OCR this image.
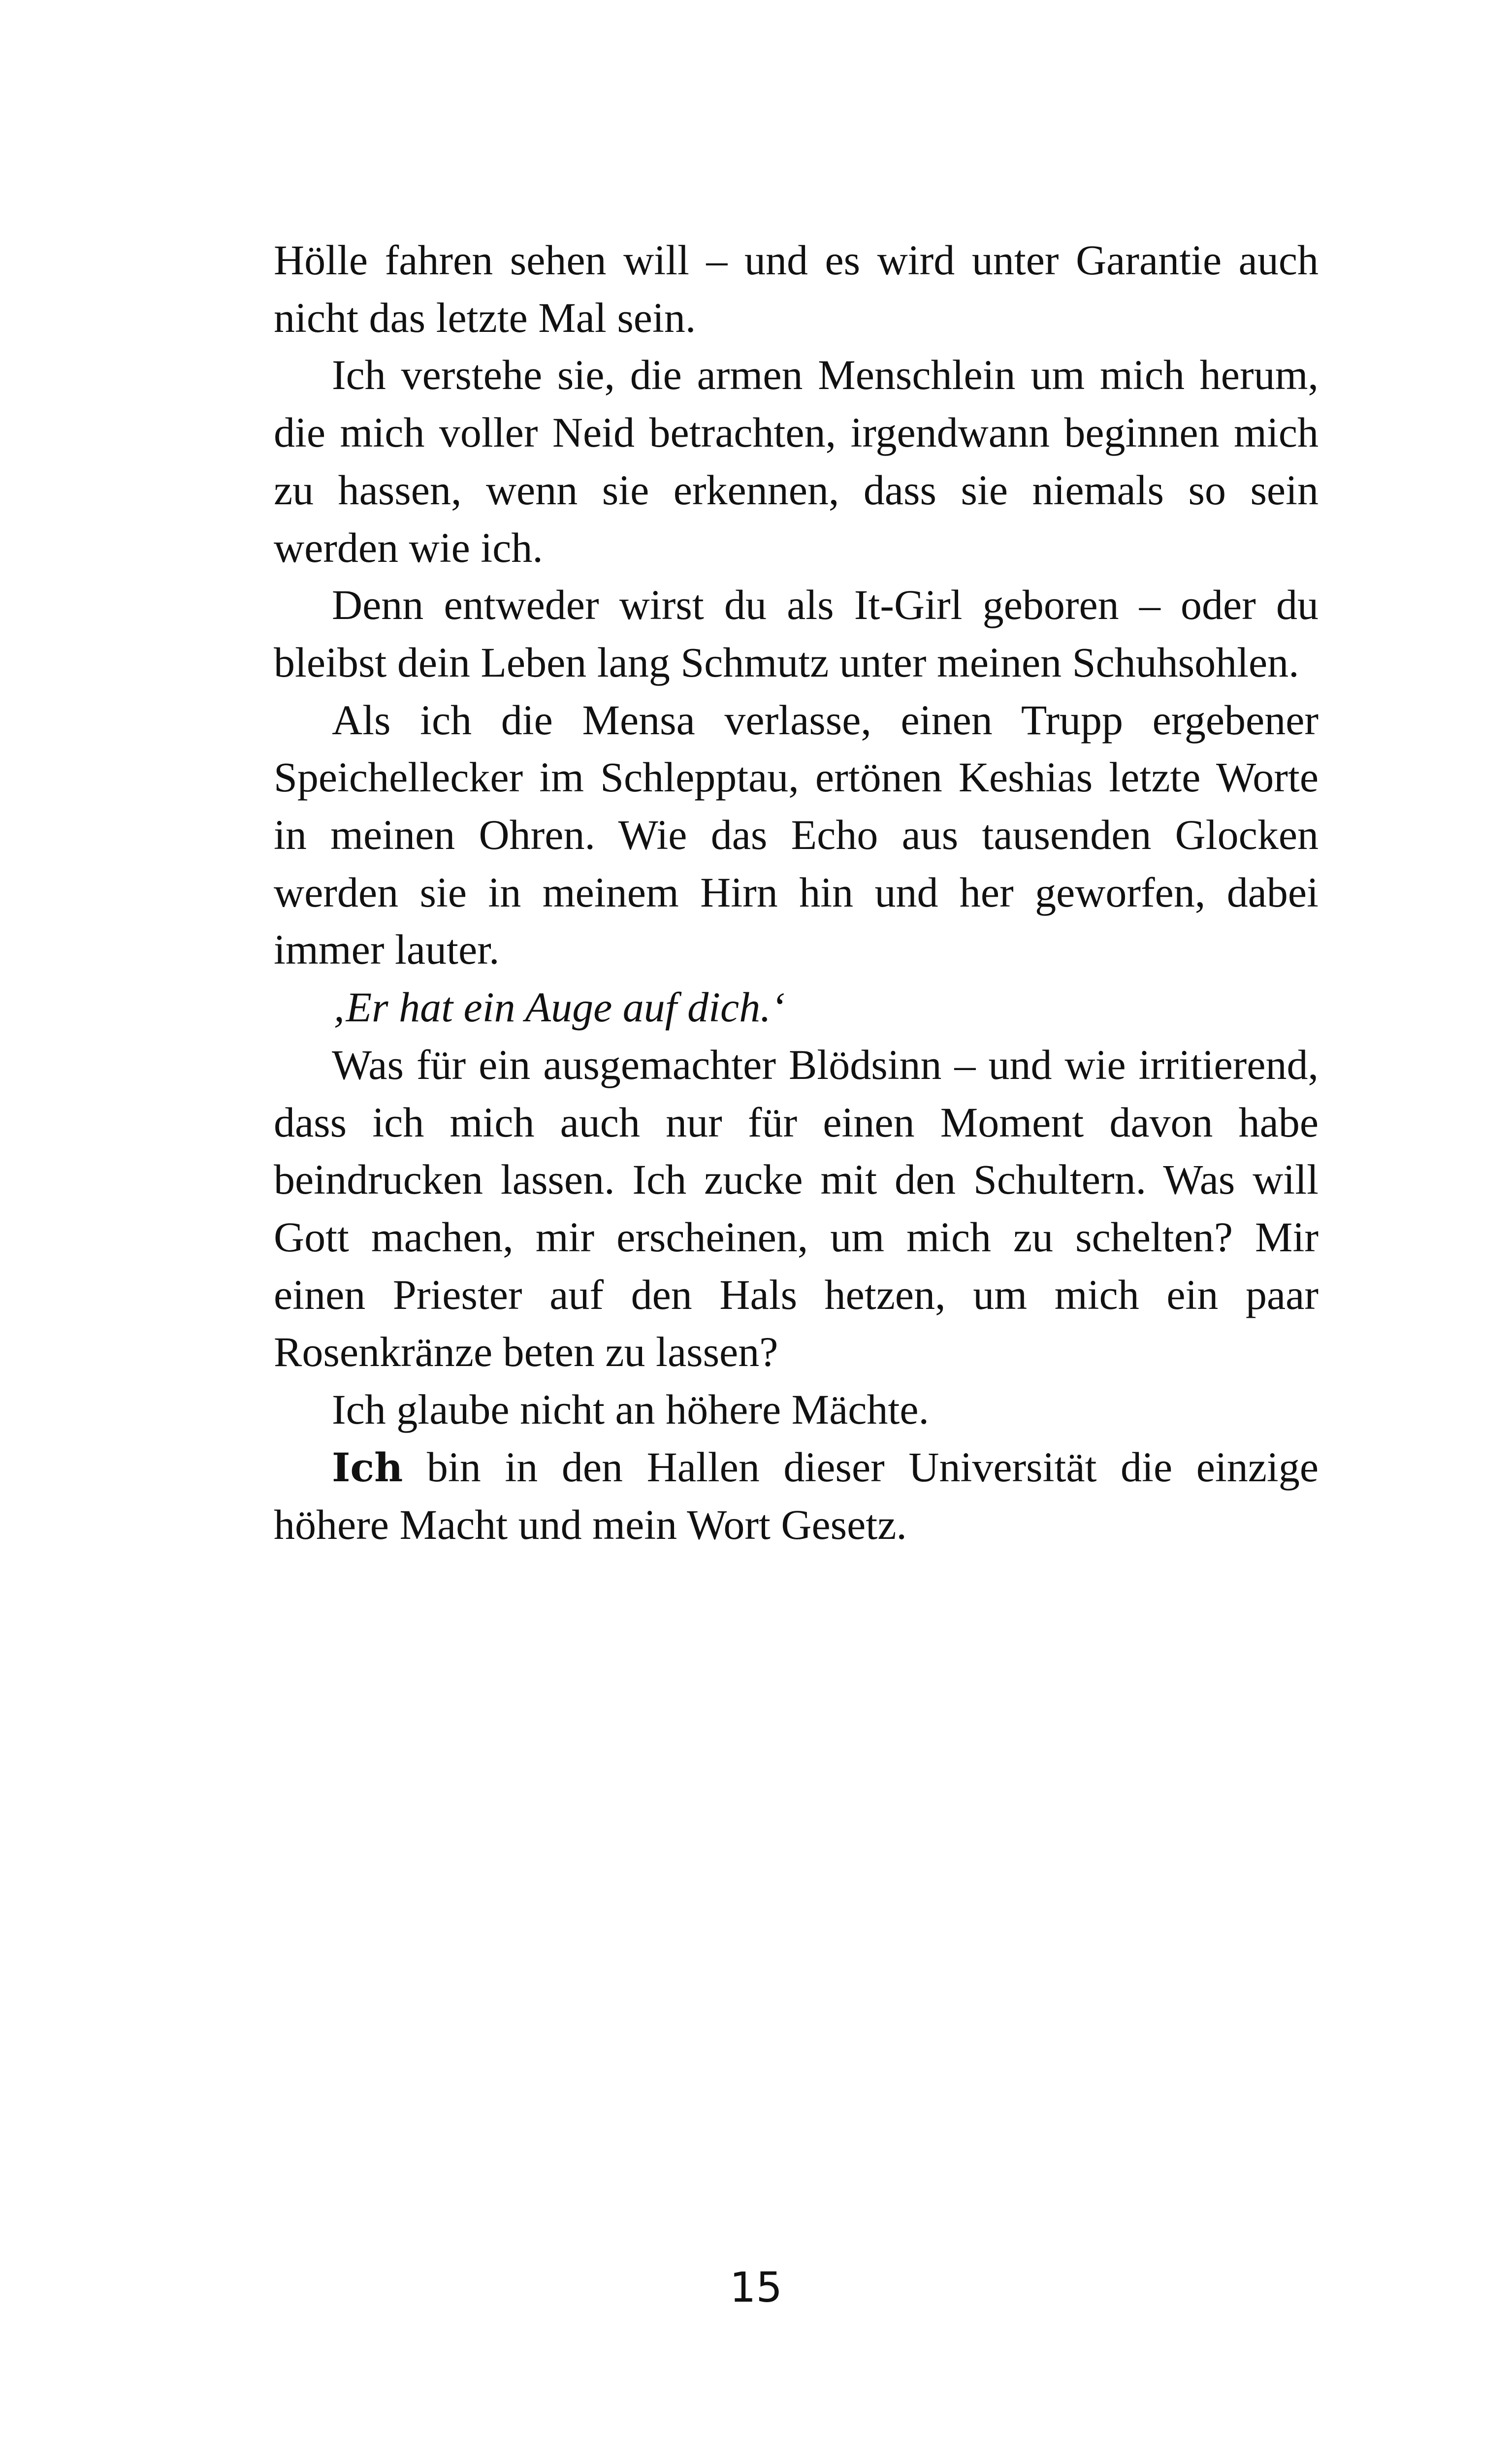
Hölle fahren sehen will – und es wird unter Garantie auch nicht das letzte Mal sein.

Ich verstehe sie, die armen Menschlein um mich herum, die mich voller Neid betrachten, irgendwann beginnen mich zu hassen, wenn sie erkennen, dass sie niemals so sein werden wie ich.

Denn entweder wirst du als It-Girl geboren – oder du bleibst dein Leben lang Schmutz unter meinen Schuhsohlen.

Als ich die Mensa verlasse, einen Trupp ergebener Speichellecker im Schlepptau, ertönen Keshias letzte Worte in meinen Ohren. Wie das Echo aus tausenden Glocken werden sie in meinem Hirn hin und her geworfen, dabei immer lauter.

‚Er hat ein Auge auf dich.‘

Was für ein ausgemachter Blödsinn – und wie irritierend, dass ich mich auch nur für einen Moment davon habe beindrucken lassen. Ich zucke mit den Schultern. Was will Gott machen, mir erscheinen, um mich zu schelten? Mir einen Priester auf den Hals hetzen, um mich ein paar Rosenkränze beten zu lassen?

Ich glaube nicht an höhere Mächte.

Ich bin in den Hallen dieser Universität die einzige höhere Macht und mein Wort Gesetz.

15
